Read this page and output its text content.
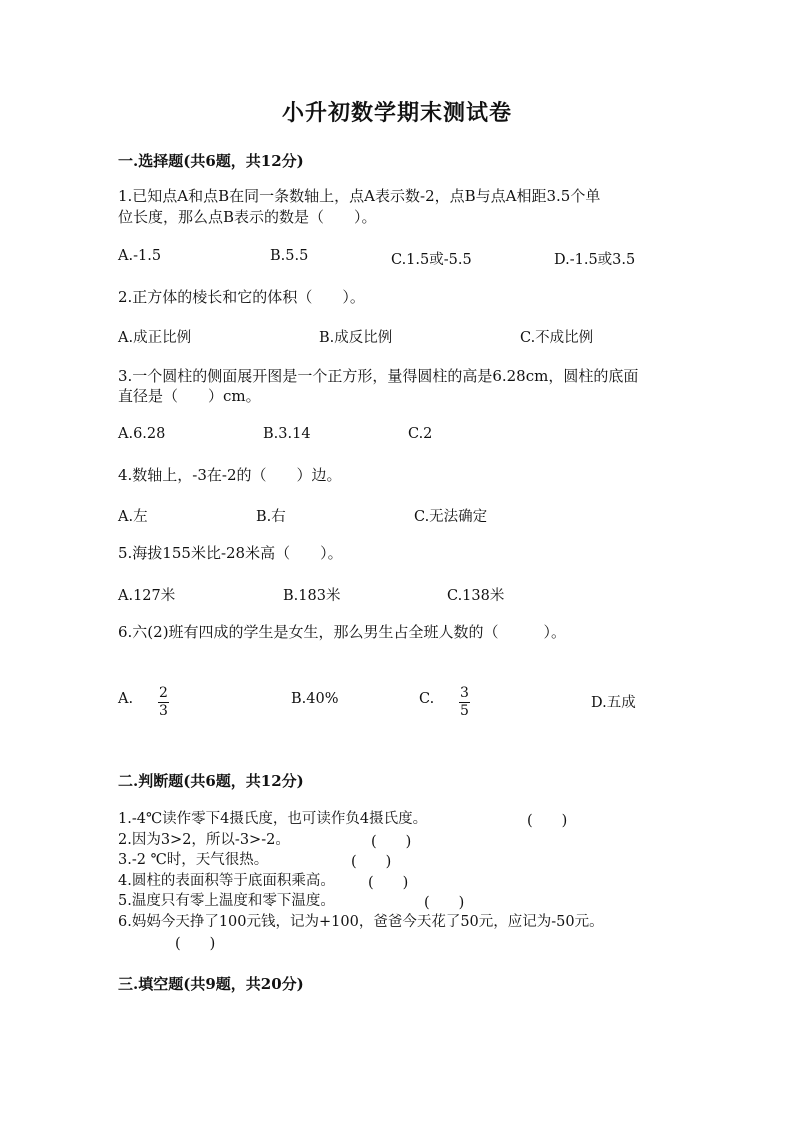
小升初数学期末测试卷
一.选择题(共6题，共12分)
1.已知点A和点B在同一条数轴上，点A表示数-2，点B与点A相距3.5个单
位长度，那么点B表示的数是（　　）。
A.-1.5	B.5.5	C.1.5或-5.5	D.-1.5或3.5
2.正方体的棱长和它的体积（　　）。
A.成正比例	B.成反比例	C.不成比例
3.一个圆柱的侧面展开图是一个正方形，量得圆柱的高是6.28cm，圆柱的底面
直径是（　　）cm。
A.6.28	B.3.14	C.2
4.数轴上，-3在-2的（　　）边。
A.左	B.右	C.无法确定
5.海拔155米比-28米高（　　）。
A.127米	B.183米	C.138米
6.六(2)班有四成的学生是女生，那么男生占全班人数的（　　　）。
A. 2
3
B.40%	C. 3
5	D.五成
二.判断题(共6题，共12分)
1.-4℃读作零下4摄氏度，也可读作负4摄氏度。	(　　)
2.因为3>2，所以-3>-2。	(　　)
3.-2 ℃时，天气很热。	(　　)
4.圆柱的表面积等于底面积乘高。 (　　)
5.温度只有零上温度和零下温度。	(　　)
6.妈妈今天挣了100元钱，记为+100，爸爸今天花了50元，应记为-50元。
(　　)
三.填空题(共9题，共20分)
